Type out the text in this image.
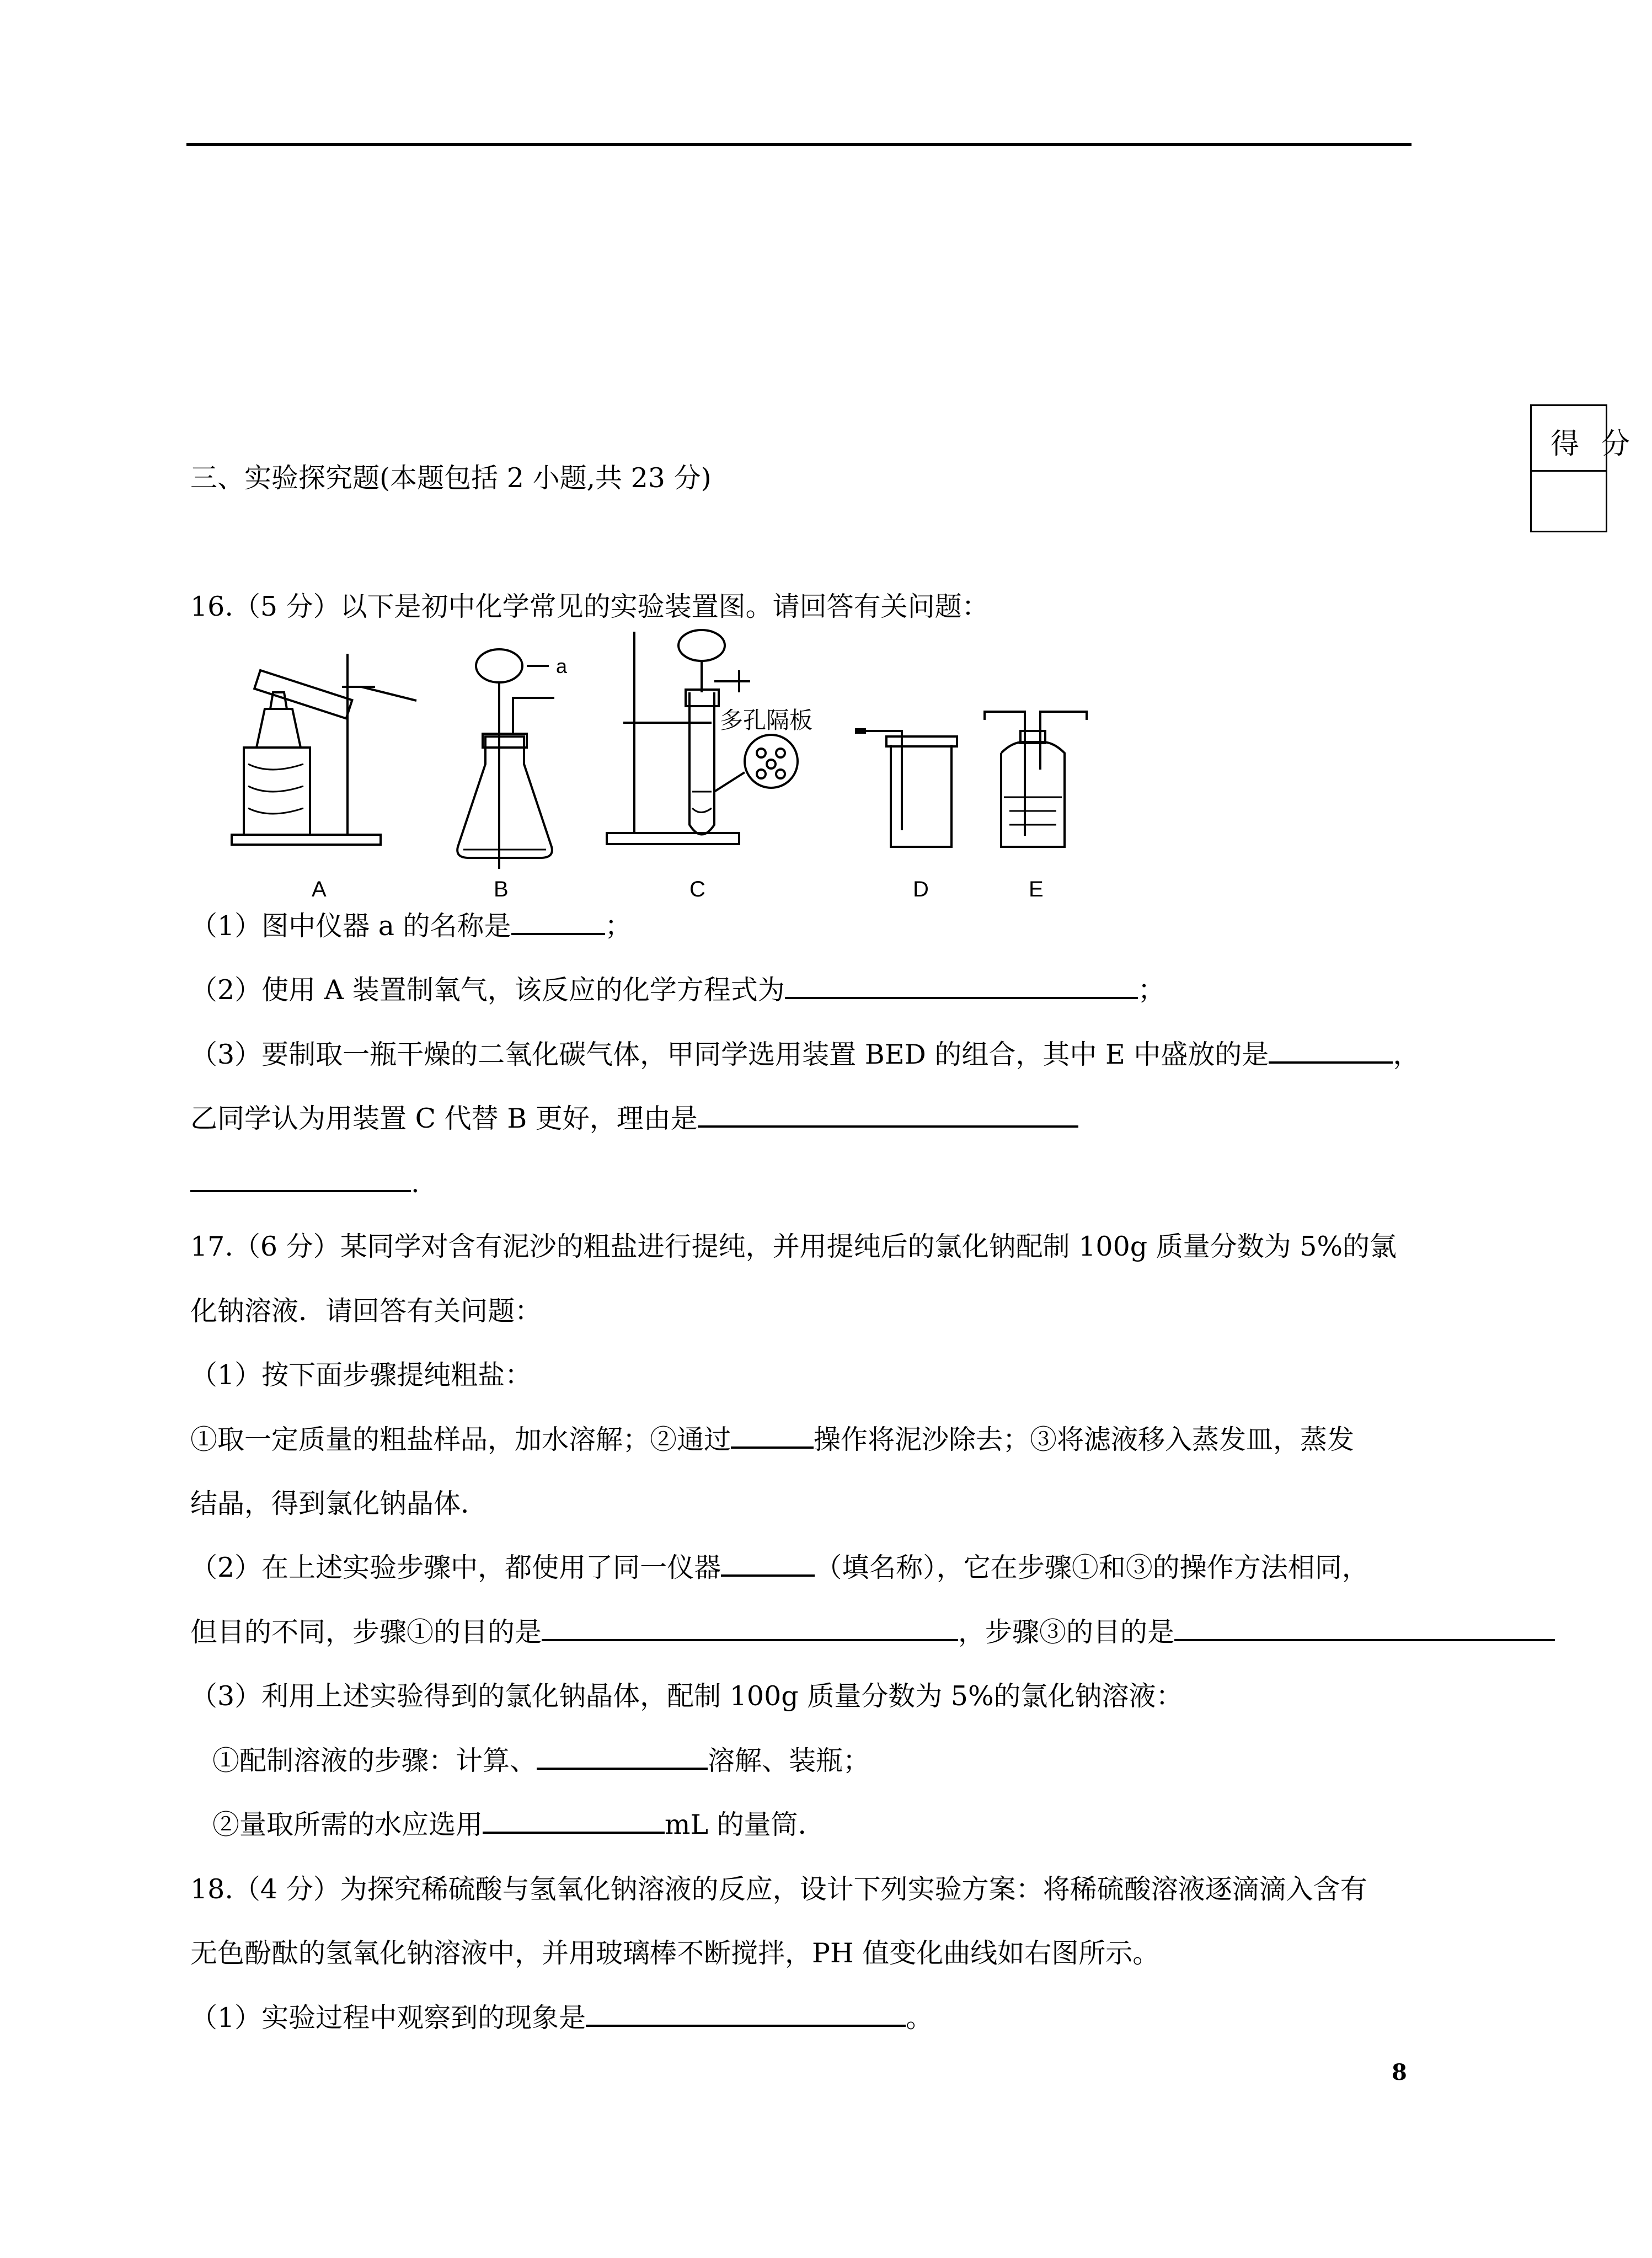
得分
三、实验探究题(本题包括 2 小题,共 23 分)
16.（5 分）以下是初中化学常见的实验装置图。请回答有关问题：
A	B	C	D	E
a
多孔隔板
（1）图中仪器 a 的名称是	；
（2）使用 A 装置制氧气，该反应的化学方程式为	；
（3）要制取一瓶干燥的二氧化碳气体，甲同学选用装置 BED 的组合，其中 E 中盛放的是	，
乙同学认为用装置 C 代替 B 更好，理由是
.
17.（6 分）某同学对含有泥沙的粗盐进行提纯，并用提纯后的氯化钠配制 100g 质量分数为 5%的氯
化钠溶液．请回答有关问题：
（1）按下面步骤提纯粗盐：
①取一定质量的粗盐样品，加水溶解；②通过	操作将泥沙除去；③将滤液移入蒸发皿，蒸发
结晶，得到氯化钠晶体．
（2）在上述实验步骤中，都使用了同一仪器	（填名称），它在步骤①和③的操作方法相同，
但目的不同，步骤①的目的是	，步骤③的目的是
（3）利用上述实验得到的氯化钠晶体，配制 100g 质量分数为 5%的氯化钠溶液：
①配制溶液的步骤：计算、	溶解、装瓶；
②量取所需的水应选用	mL 的量筒．
18.（4 分）为探究稀硫酸与氢氧化钠溶液的反应，设计下列实验方案：将稀硫酸溶液逐滴滴入含有
无色酚酞的氢氧化钠溶液中，并用玻璃棒不断搅拌，PH 值变化曲线如右图所示。
（1）实验过程中观察到的现象是	。
8
